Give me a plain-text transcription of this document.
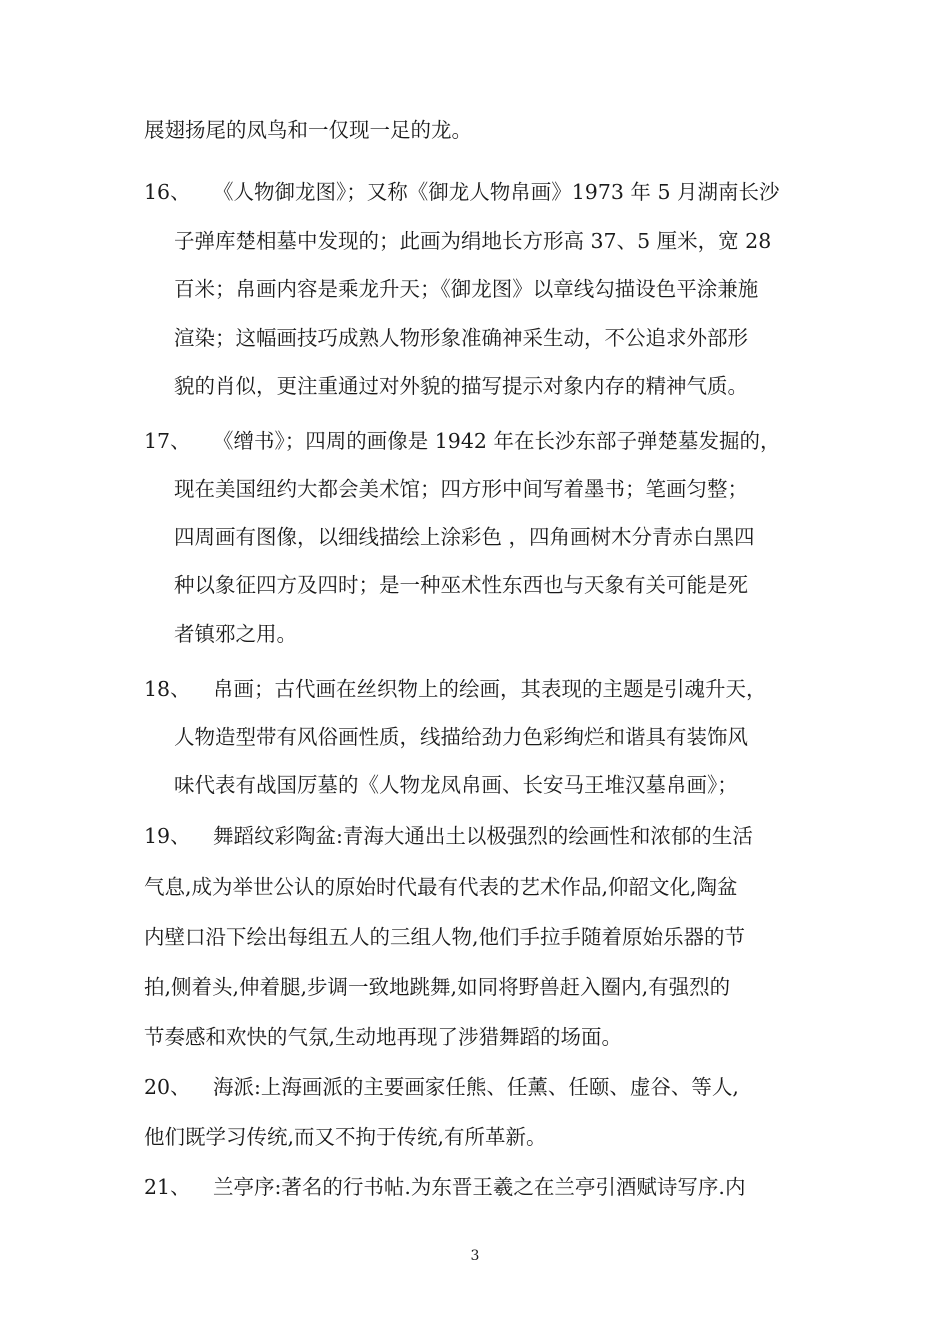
展翅扬尾的凤鸟和一仅现一足的龙。
16、 《人物御龙图》；又称《御龙人物帛画》1973 年 5 月湖南长沙
子弹库楚相墓中发现的；此画为绢地长方形高 37、5 厘米，宽 28
百米；帛画内容是乘龙升天；《御龙图》以章线勾描设色平涂兼施
渲染；这幅画技巧成熟人物形象准确神采生动，不公追求外部形
貌的肖似，更注重通过对外貌的描写提示对象内存的精神气质。
17、 《缯书》；四周的画像是 1942 年在长沙东部子弹楚墓发掘的，
现在美国纽约大都会美术馆；四方形中间写着墨书；笔画匀整；
四周画有图像，以细线描绘上涂彩色 ，四角画树木分青赤白黑四
种以象征四方及四时；是一种巫术性东西也与天象有关可能是死
者镇邪之用。
18、 帛画；古代画在丝织物上的绘画，其表现的主题是引魂升天，
人物造型带有风俗画性质，线描给劲力色彩绚烂和谐具有装饰风
味代表有战国厉墓的《人物龙凤帛画、长安马王堆汉墓帛画》；
19、 舞蹈纹彩陶盆:青海大通出土以极强烈的绘画性和浓郁的生活
气息,成为举世公认的原始时代最有代表的艺术作品,仰韶文化,陶盆
内壁口沿下绘出每组五人的三组人物,他们手拉手随着原始乐器的节
拍,侧着头,伸着腿,步调一致地跳舞,如同将野兽赶入圈内,有强烈的
节奏感和欢快的气氛,生动地再现了涉猎舞蹈的场面。
20、 海派:上海画派的主要画家任熊、任薰、任颐、虚谷、等人,
他们既学习传统,而又不拘于传统,有所革新。
21、 兰亭序:著名的行书帖.为东晋王羲之在兰亭引酒赋诗写序.内
3
